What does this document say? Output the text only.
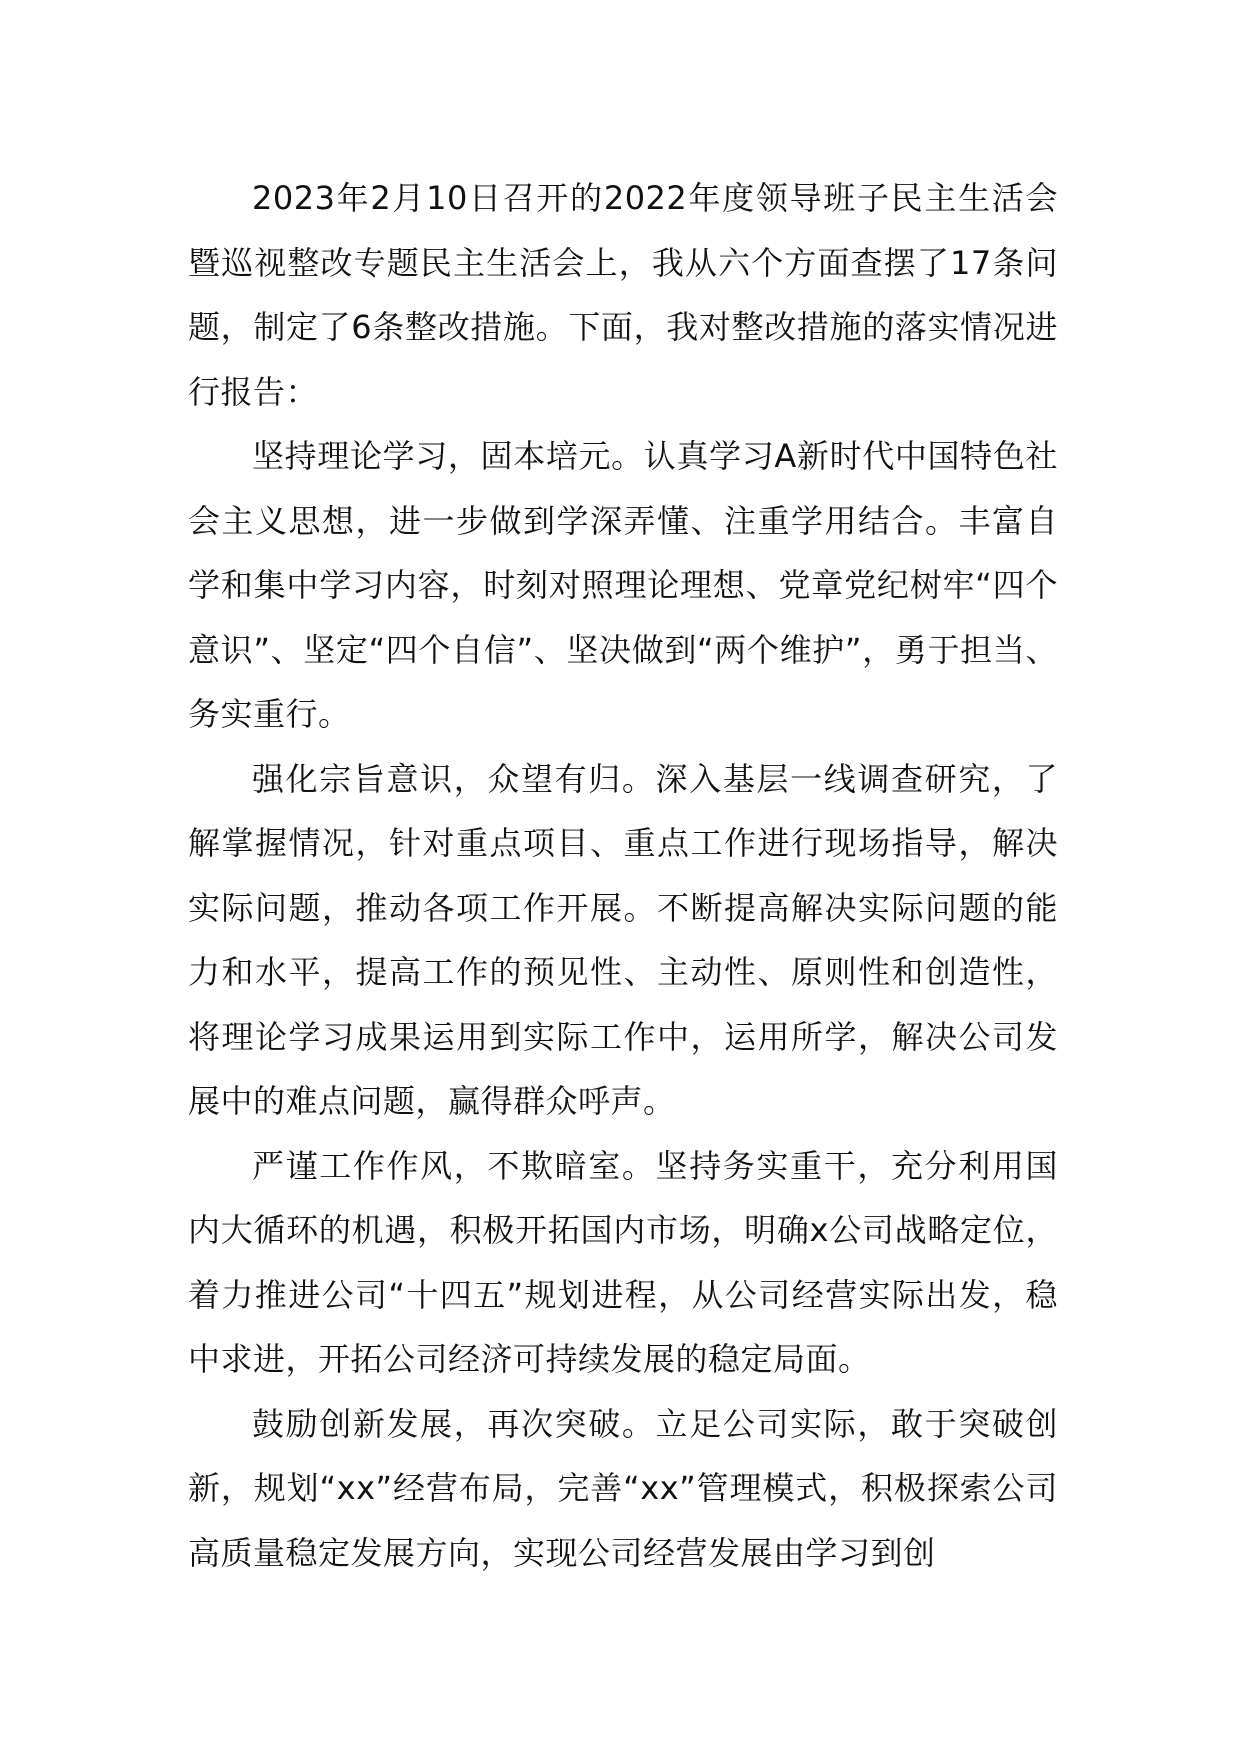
2023年2月10日召开的2022年度领导班子民主生活会暨巡视整改专题民主生活会上，我从六个方面查摆了17条问题，制定了6条整改措施。下面，我对整改措施的落实情况进行报告：

坚持理论学习，固本培元。认真学习A新时代中国特色社会主义思想，进一步做到学深弄懂、注重学用结合。丰富自学和集中学习内容，时刻对照理论理想、党章党纪树牢“四个意识”、坚定“四个自信”、坚决做到“两个维护”，勇于担当、务实重行。

强化宗旨意识，众望有归。深入基层一线调查研究，了解掌握情况，针对重点项目、重点工作进行现场指导，解决实际问题，推动各项工作开展。不断提高解决实际问题的能力和水平，提高工作的预见性、主动性、原则性和创造性，将理论学习成果运用到实际工作中，运用所学，解决公司发展中的难点问题，赢得群众呼声。

严谨工作作风，不欺暗室。坚持务实重干，充分利用国内大循环的机遇，积极开拓国内市场，明确x公司战略定位，着力推进公司“十四五”规划进程，从公司经营实际出发，稳中求进，开拓公司经济可持续发展的稳定局面。

鼓励创新发展，再次突破。立足公司实际，敢于突破创新，规划“xx”经营布局，完善“xx”管理模式，积极探索公司高质量稳定发展方向，实现公司经营发展由学习到创
